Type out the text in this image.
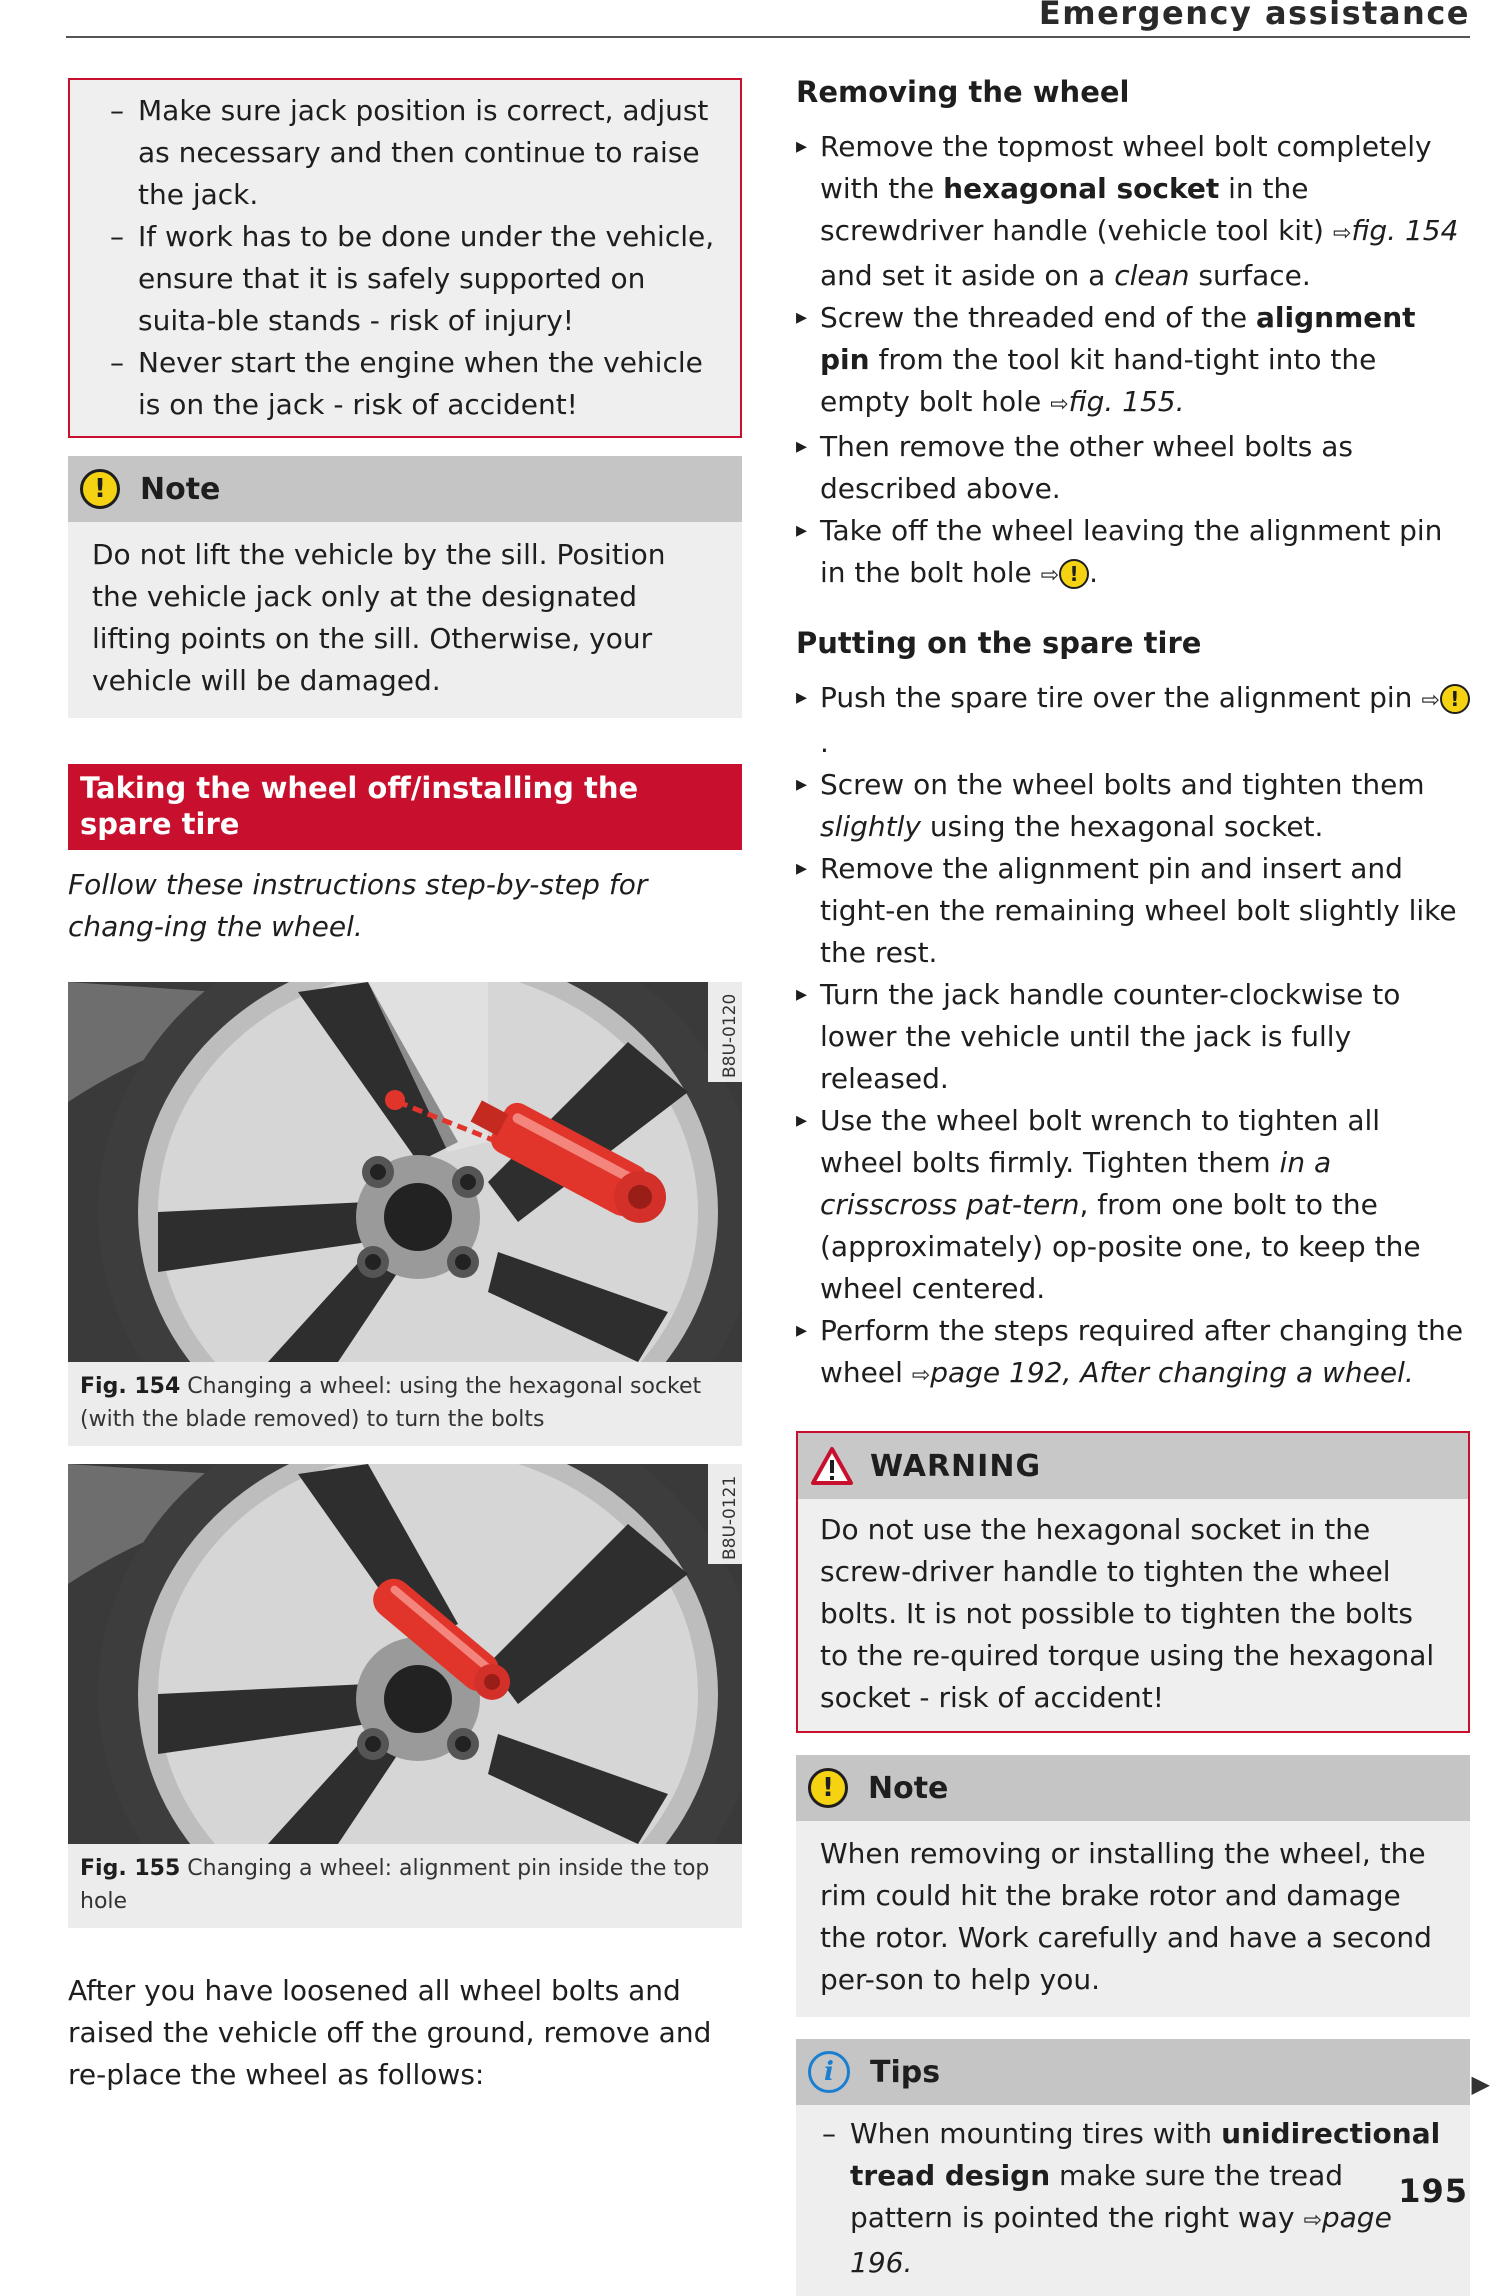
Emergency assistance
– Make sure jack position is correct, adjust as necessary and then continue to raise the jack.
– If work has to be done under the vehicle, ensure that it is safely supported on suita-ble stands - risk of injury!
– Never start the engine when the vehicle is on the jack - risk of accident!
!	Note
Do not lift the vehicle by the sill. Position the vehicle jack only at the designated lifting points on the sill. Otherwise, your vehicle will be damaged.
Taking the wheel off/installing the spare tire

Follow these instructions step-by-step for chang-ing the wheel.

B8U-0120
Fig. 154 Changing a wheel: using the hexagonal socket (with the blade removed) to turn the bolts
B8U-0121
Fig. 155 Changing a wheel: alignment pin inside the top hole

After you have loosened all wheel bolts and raised the vehicle off the ground, remove and re-place the wheel as follows:

Removing the wheel
▸ Remove the topmost wheel bolt completely with the hexagonal socket in the screwdriver handle (vehicle tool kit) ⇨fig. 154 and set it aside on a clean surface.
▸ Screw the threaded end of the alignment pin from the tool kit hand-tight into the empty bolt hole ⇨fig. 155.
▸ Then remove the other wheel bolts as described above.
▸ Take off the wheel leaving the alignment pin in the bolt hole ⇨ ! .
Putting on the spare tire
▸ Push the spare tire over the alignment pin ⇨ !.
▸ Screw on the wheel bolts and tighten them slightly using the hexagonal socket.
▸ Remove the alignment pin and insert and tight-en the remaining wheel bolt slightly like the rest.
▸ Turn the jack handle counter-clockwise to lower the vehicle until the jack is fully released.
▸ Use the wheel bolt wrench to tighten all wheel bolts firmly. Tighten them in a crisscross pat-tern, from one bolt to the (approximately) op-posite one, to keep the wheel centered.
▸ Perform the steps required after changing the wheel ⇨page 192, After changing a wheel.
WARNING
Do not use the hexagonal socket in the screw-driver handle to tighten the wheel bolts. It is not possible to tighten the bolts to the re-quired torque using the hexagonal socket - risk of accident!
!	Note
When removing or installing the wheel, the rim could hit the brake rotor and damage the rotor. Work carefully and have a second per-son to help you.
i	Tips
– When mounting tires with unidirectional tread design make sure the tread pattern is pointed the right way ⇨page 196.
▶
195
